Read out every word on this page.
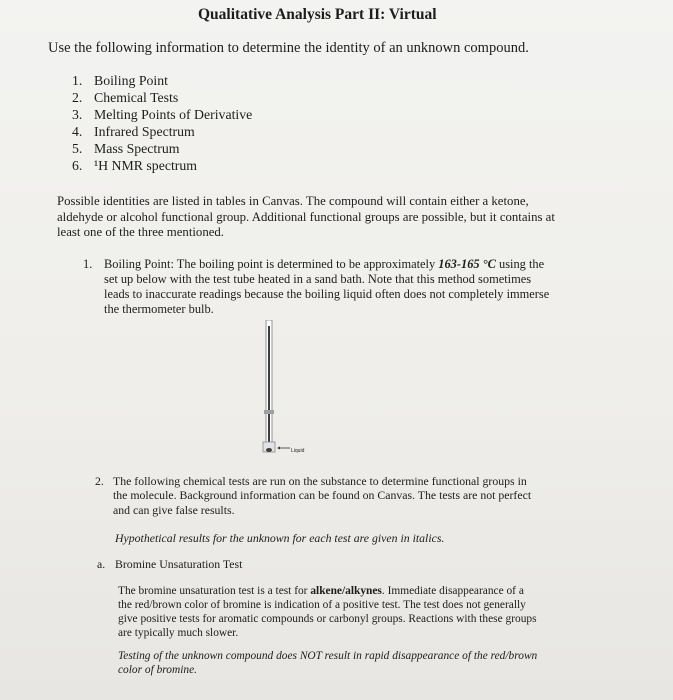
Qualitative Analysis Part II: Virtual
Use the following information to determine the identity of an unknown compound.
1. Boiling Point
2. Chemical Tests
3. Melting Points of Derivative
4. Infrared Spectrum
5. Mass Spectrum
6. ¹H NMR spectrum
Possible identities are listed in tables in Canvas. The compound will contain either a ketone, aldehyde or alcohol functional group. Additional functional groups are possible, but it contains at least one of the three mentioned.
1. Boiling Point: The boiling point is determined to be approximately 163-165 °C using the set up below with the test tube heated in a sand bath. Note that this method sometimes leads to inaccurate readings because the boiling liquid often does not completely immerse the thermometer bulb.
Liquid
2. The following chemical tests are run on the substance to determine functional groups in the molecule. Background information can be found on Canvas. The tests are not perfect and can give false results.
Hypothetical results for the unknown for each test are given in italics.
a. Bromine Unsaturation Test
The bromine unsaturation test is a test for alkene/alkynes. Immediate disappearance of a the red/brown color of bromine is indication of a positive test. The test does not generally give positive tests for aromatic compounds or carbonyl groups. Reactions with these groups are typically much slower.
Testing of the unknown compound does NOT result in rapid disappearance of the red/brown color of bromine.
